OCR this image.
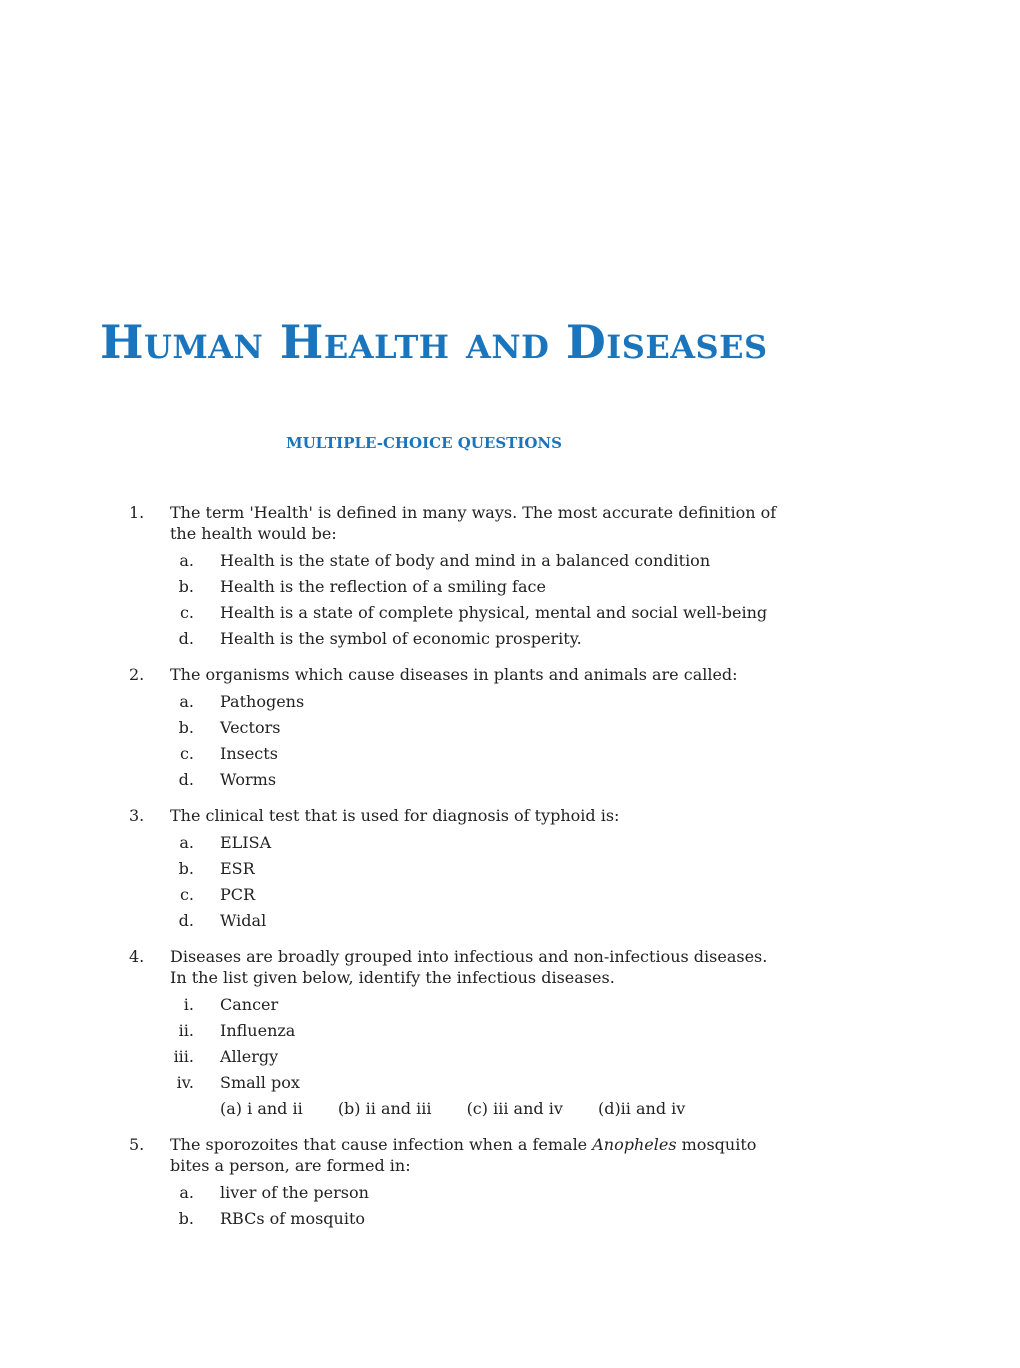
Human Health and Diseases
MULTIPLE-CHOICE QUESTIONS
1. The term 'Health' is defined in many ways. The most accurate definition of the health would be:
a. Health is the state of body and mind in a balanced condition
b. Health is the reflection of a smiling face
c. Health is a state of complete physical, mental and social well-being
d. Health is the symbol of economic prosperity.
2. The organisms which cause diseases in plants and animals are called:
a. Pathogens
b. Vectors
c. Insects
d. Worms
3. The clinical test that is used for diagnosis of typhoid is:
a. ELISA
b. ESR
c. PCR
d. Widal
4. Diseases are broadly grouped into infectious and non-infectious diseases. In the list given below, identify the infectious diseases.
i. Cancer
ii. Influenza
iii. Allergy
iv. Small pox
(a) i and ii (b) ii and iii (c) iii and iv (d)ii and iv
5. The sporozoites that cause infection when a female Anopheles mosquito bites a person, are formed in:
a. liver of the person
b. RBCs of mosquito
